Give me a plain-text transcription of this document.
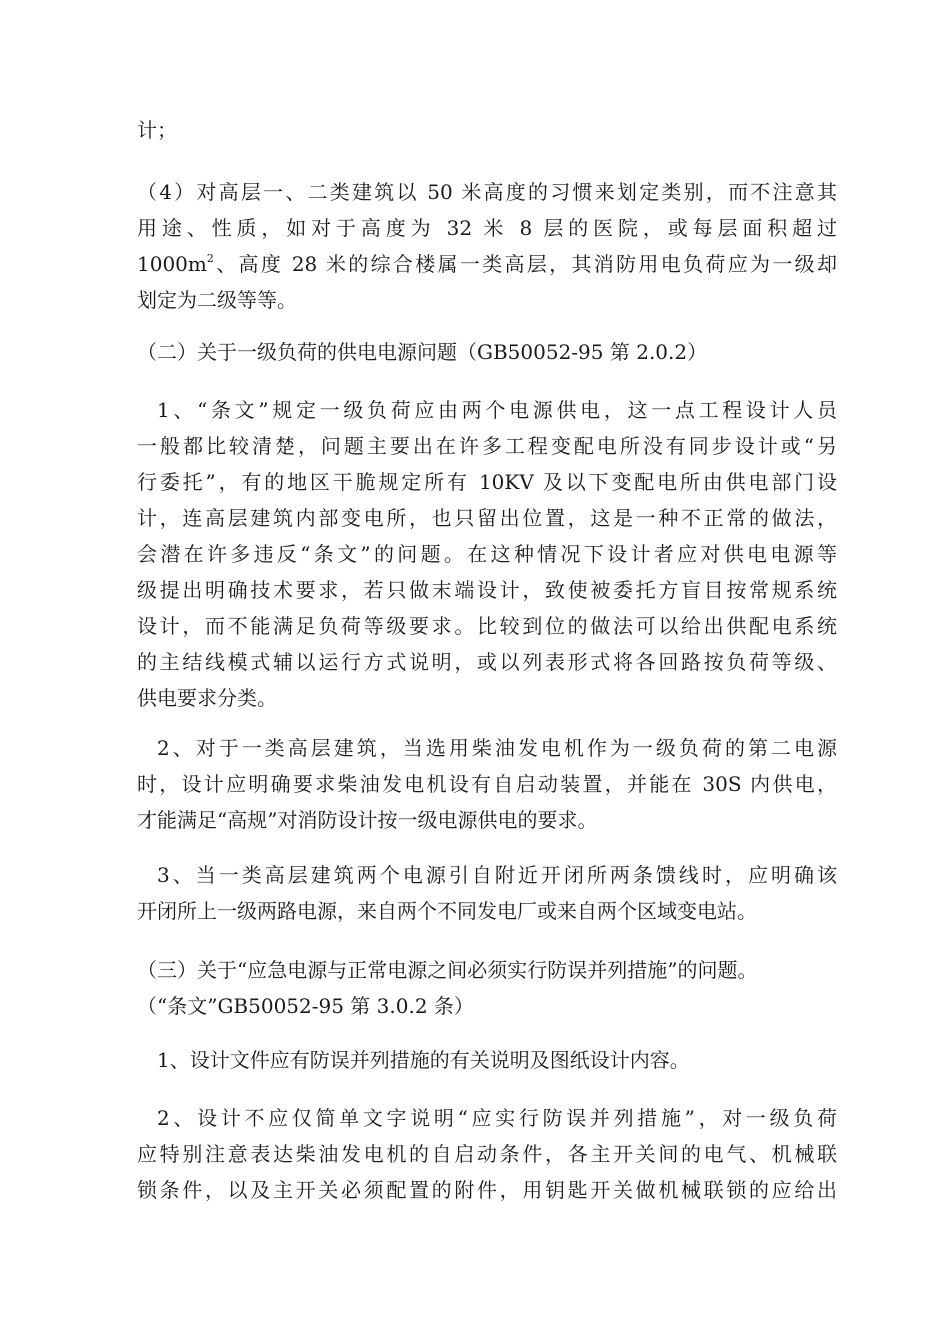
计；

（4）对高层一、二类建筑以 50 米高度的习惯来划定类别，而不注意其
用途、性质，如对于高度为 32 米 8 层的医院，或每层面积超过
$1000m^2$、高度 28 米的综合楼属一类高层，其消防用电负荷应为一级却
划定为二级等等。

（二）关于一级负荷的供电电源问题（GB50052-95 第 2.0.2）

1、“条文”规定一级负荷应由两个电源供电，这一点工程设计人员
一般都比较清楚，问题主要出在许多工程变配电所没有同步设计或“另
行委托”，有的地区干脆规定所有 10KV 及以下变配电所由供电部门设
计，连高层建筑内部变电所，也只留出位置，这是一种不正常的做法，
会潜在许多违反“条文”的问题。在这种情况下设计者应对供电电源等
级提出明确技术要求，若只做末端设计，致使被委托方盲目按常规系统
设计，而不能满足负荷等级要求。比较到位的做法可以给出供配电系统
的主结线模式辅以运行方式说明，或以列表形式将各回路按负荷等级、
供电要求分类。

2、对于一类高层建筑，当选用柴油发电机作为一级负荷的第二电源
时，设计应明确要求柴油发电机设有自启动装置，并能在 30S 内供电，
才能满足“高规”对消防设计按一级电源供电的要求。

3、当一类高层建筑两个电源引自附近开闭所两条馈线时，应明确该
开闭所上一级两路电源，来自两个不同发电厂或来自两个区域变电站。

（三）关于“应急电源与正常电源之间必须实行防误并列措施”的问题。
（“条文”GB50052-95 第 3.0.2 条）

1、设计文件应有防误并列措施的有关说明及图纸设计内容。

2、设计不应仅简单文字说明“应实行防误并列措施”，对一级负荷
应特别注意表达柴油发电机的自启动条件，各主开关间的电气、机械联
锁条件，以及主开关必须配置的附件，用钥匙开关做机械联锁的应给出
